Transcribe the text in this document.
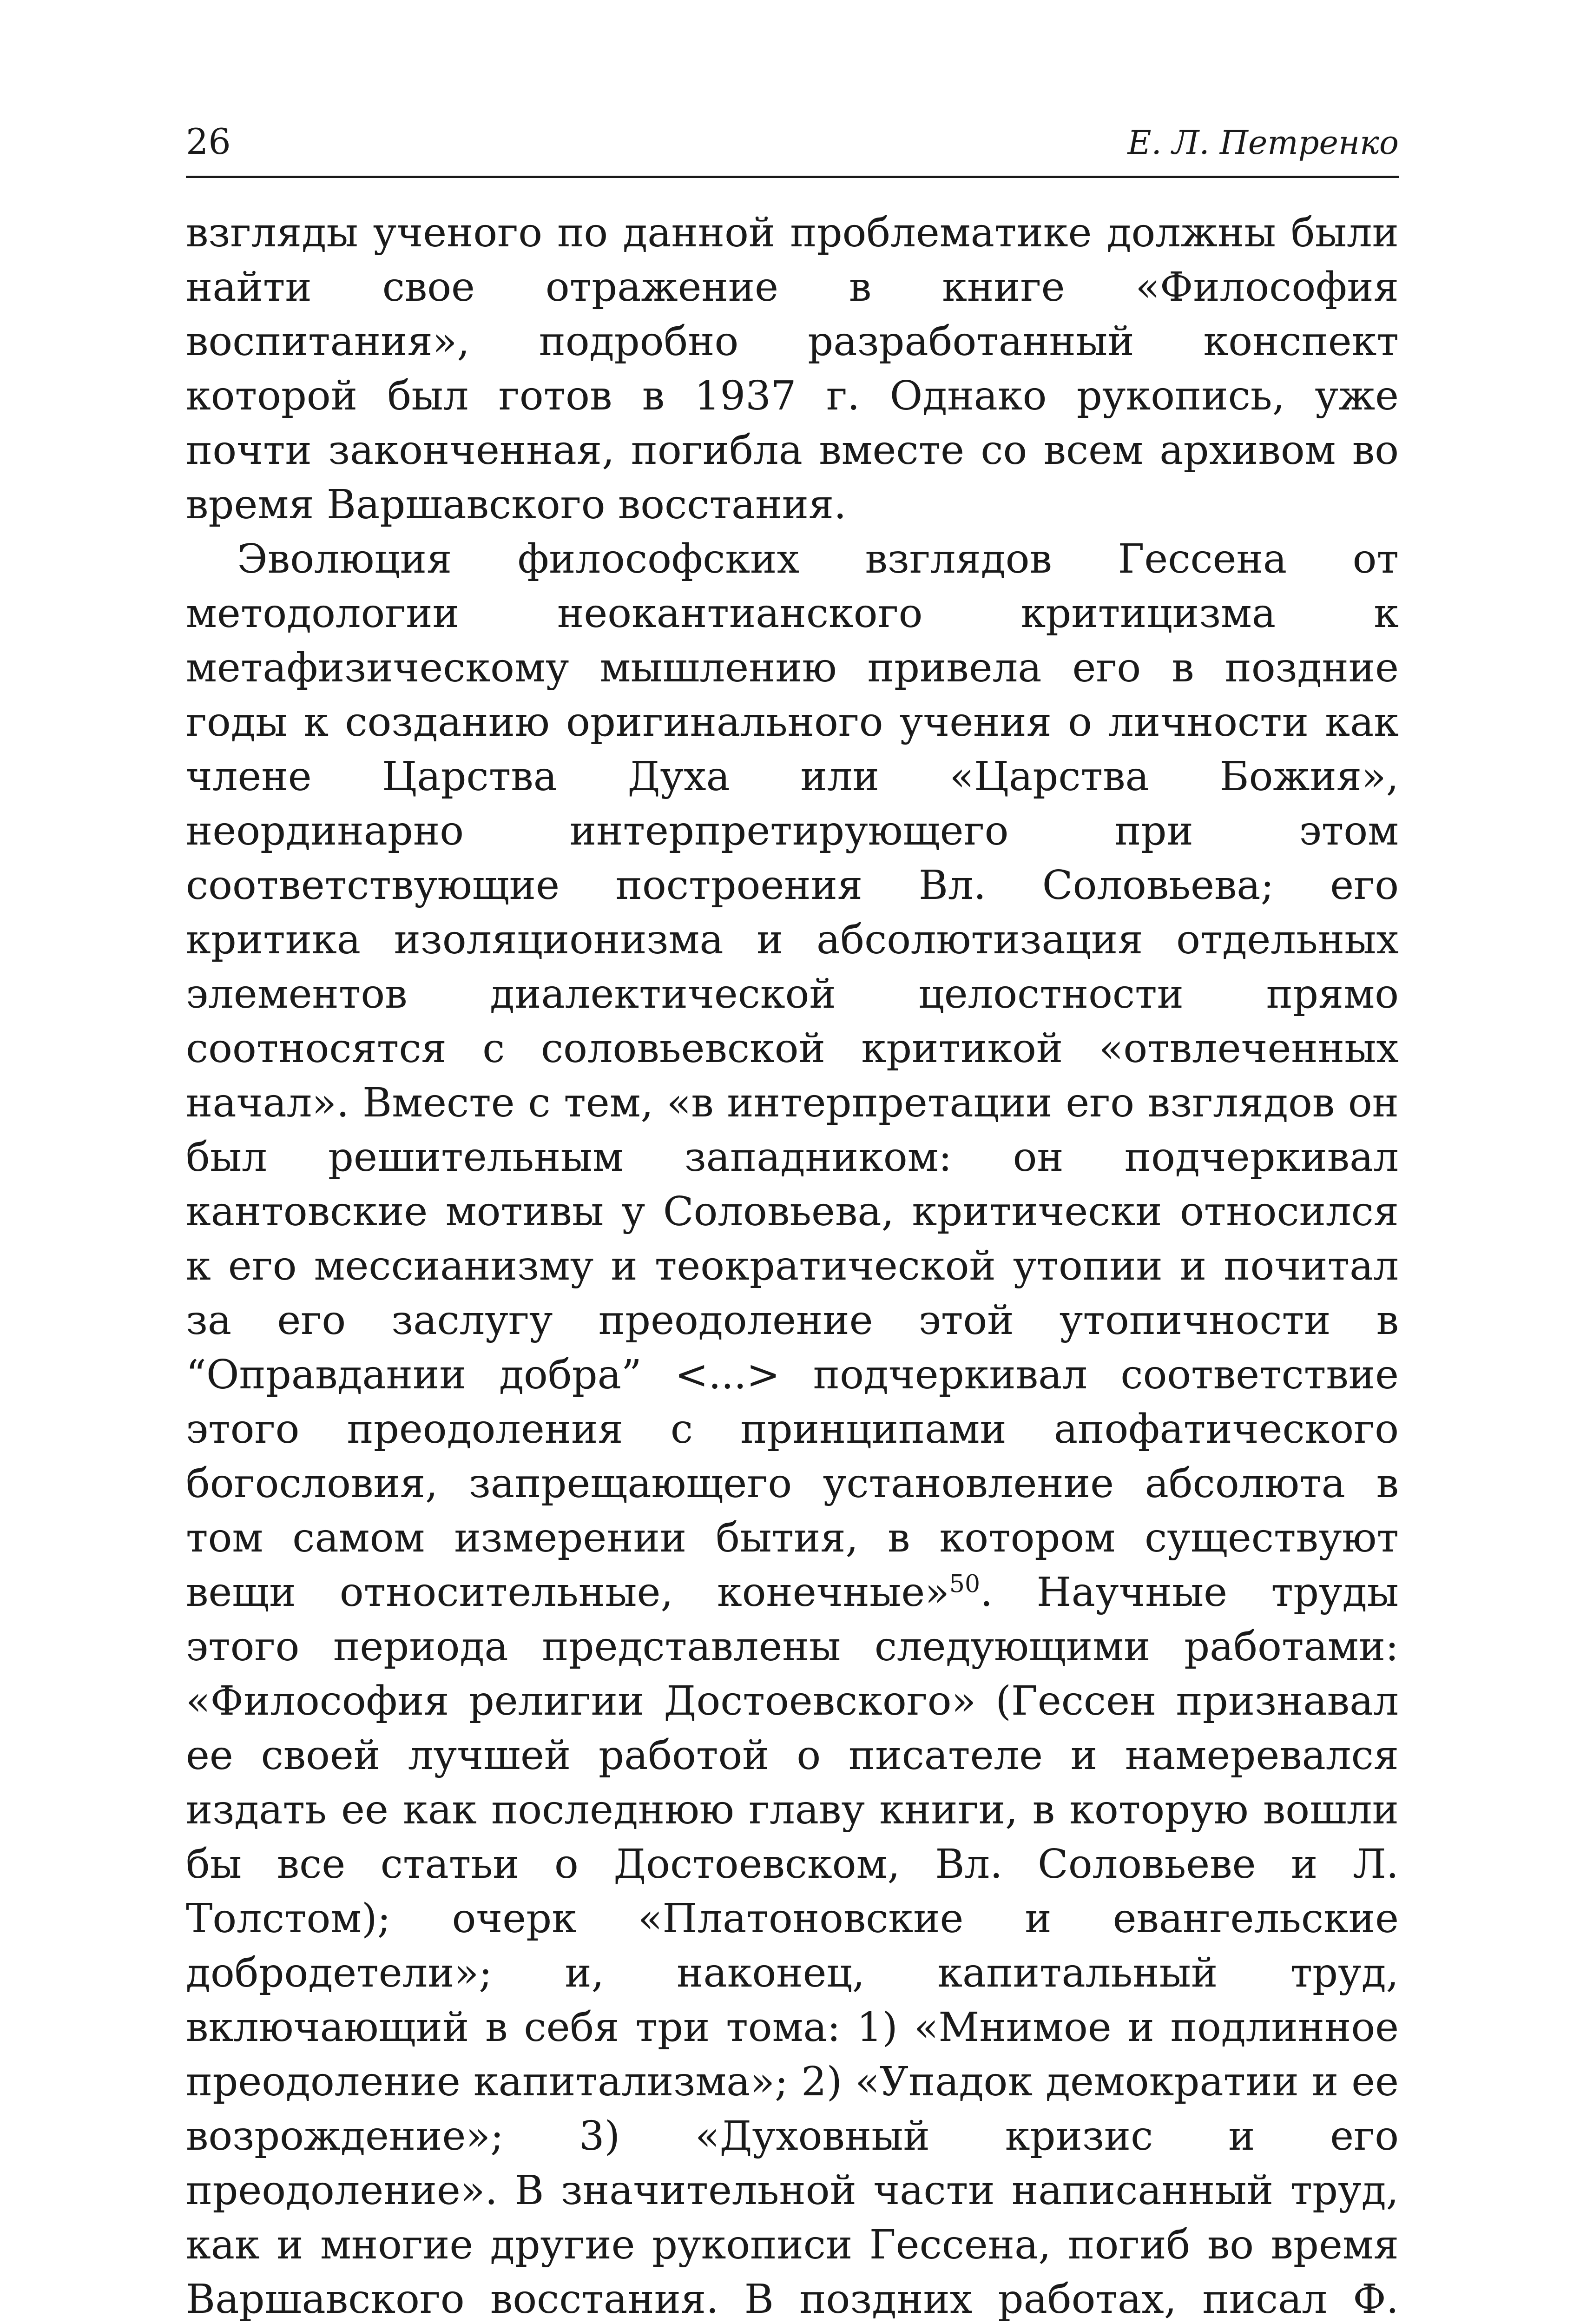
26	Е. Л. Петренко

взгляды ученого по данной проблематике должны были найти свое отражение в книге «Философия воспитания», подробно разработанный конспект которой был готов в 1937 г. Однако рукопись, уже почти законченная, погибла вместе со всем архивом во время Варшавского восстания.

Эволюция философских взглядов Гессена от методологии неокантианского критицизма к метафизическому мышлению привела его в поздние годы к созданию оригинального учения о личности как члене Царства Духа или «Царства Божия», неординарно интерпретирующего при этом соответствующие построения Вл. Соловьева; его критика изоляционизма и абсолютизация отдельных элементов диалектической целостности прямо соотносятся с соловьевской критикой «отвлеченных начал». Вместе с тем, «в интерпретации его взглядов он был решительным западником: он подчеркивал кантовские мотивы у Соловьева, критически относился к его мессианизму и теократической утопии и почитал за его заслугу преодоление этой утопичности в “Оправдании добра” <...> подчеркивал соответствие этого преодоления с принципами апофатического богословия, запрещающего установление абсолюта в том самом измерении бытия, в котором существуют вещи относительные, конечные»$^{50}$. Научные труды этого периода представлены следующими работами: «Философия религии Достоевского» (Гессен признавал ее своей лучшей работой о писателе и намеревался издать ее как последнюю главу книги, в которую вошли бы все статьи о Достоевском, Вл. Соловьеве и Л. Толстом); очерк «Платоновские и евангельские добродетели»; и, наконец, капитальный труд, включающий в себя три тома: 1) «Мнимое и подлинное преодоление капитализма»; 2) «Упадок демократии и ее возрождение»; 3) «Духовный кризис и его преодоление». В значительной части написанный труд, как и многие другие рукописи Гессена, погиб во время Варшавского восстания. В поздних работах, писал Ф.
